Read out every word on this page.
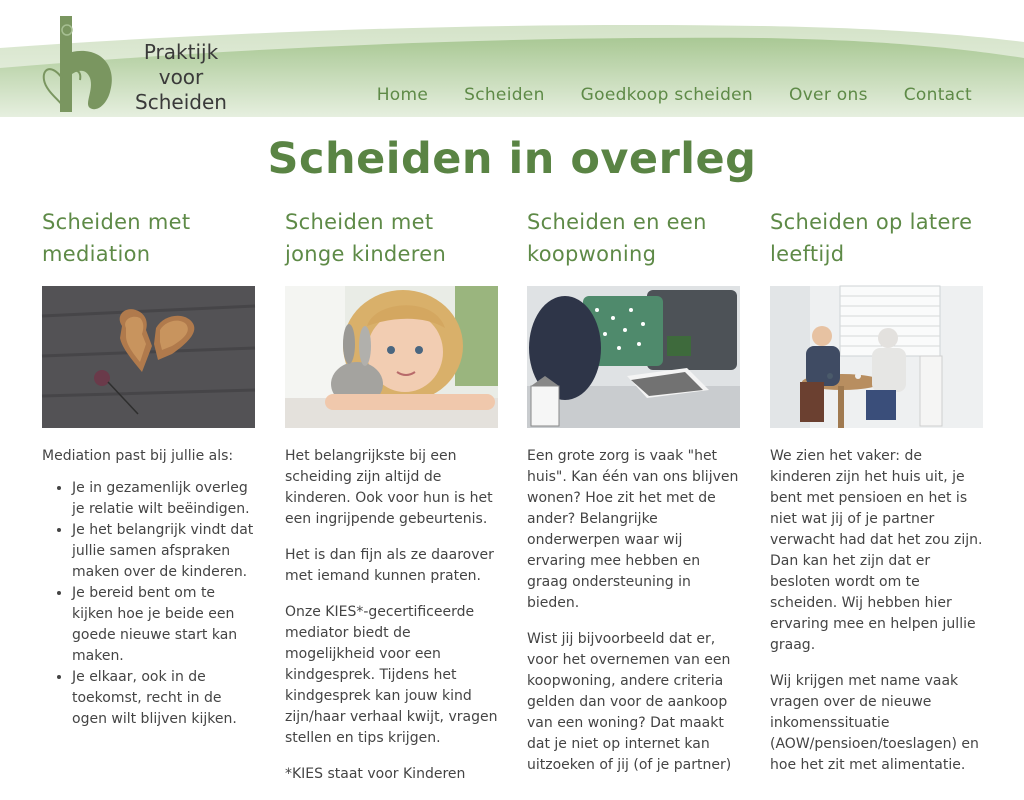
Praktijk
voor
Scheiden	Home Scheiden Goedkoop scheiden Over ons Contact
Scheiden in overleg
Scheiden met
mediation

Mediation past bij jullie als:

• Je in gezamenlijk overleg je relatie wilt beëindigen.
• Je het belangrijk vindt dat jullie samen afspraken maken over de kinderen.
• Je bereid bent om te kijken hoe je beide een goede nieuwe start kan maken.
• Je elkaar, ook in de toekomst, recht in de ogen wilt blijven kijken.
Scheiden met
jonge kinderen

Het belangrijkste bij een scheiding zijn altijd de kinderen. Ook voor hun is het een ingrijpende gebeurtenis.

Het is dan fijn als ze daarover met iemand kunnen praten.

Onze KIES*-gecertificeerde mediator biedt de mogelijkheid voor een kindgesprek. Tijdens het kindgesprek kan jouw kind zijn/haar verhaal kwijt, vragen stellen en tips krijgen.

*KIES staat voor Kinderen

Scheiden en een
koopwoning

Een grote zorg is vaak "het huis". Kan één van ons blijven wonen? Hoe zit het met de ander? Belangrijke onderwerpen waar wij ervaring mee hebben en graag ondersteuning in bieden.

Wist jij bijvoorbeeld dat er, voor het overnemen van een koopwoning, andere criteria gelden dan voor de aankoop van een woning? Dat maakt dat je niet op internet kan uitzoeken of jij (of je partner)

Scheiden op latere
leeftijd

We zien het vaker: de kinderen zijn het huis uit, je bent met pensioen en het is niet wat jij of je partner verwacht had dat het zou zijn. Dan kan het zijn dat er besloten wordt om te scheiden. Wij hebben hier ervaring mee en helpen jullie graag.

Wij krijgen met name vaak vragen over de nieuwe inkomenssituatie (AOW/pensioen/toeslagen) en hoe het zit met alimentatie.
